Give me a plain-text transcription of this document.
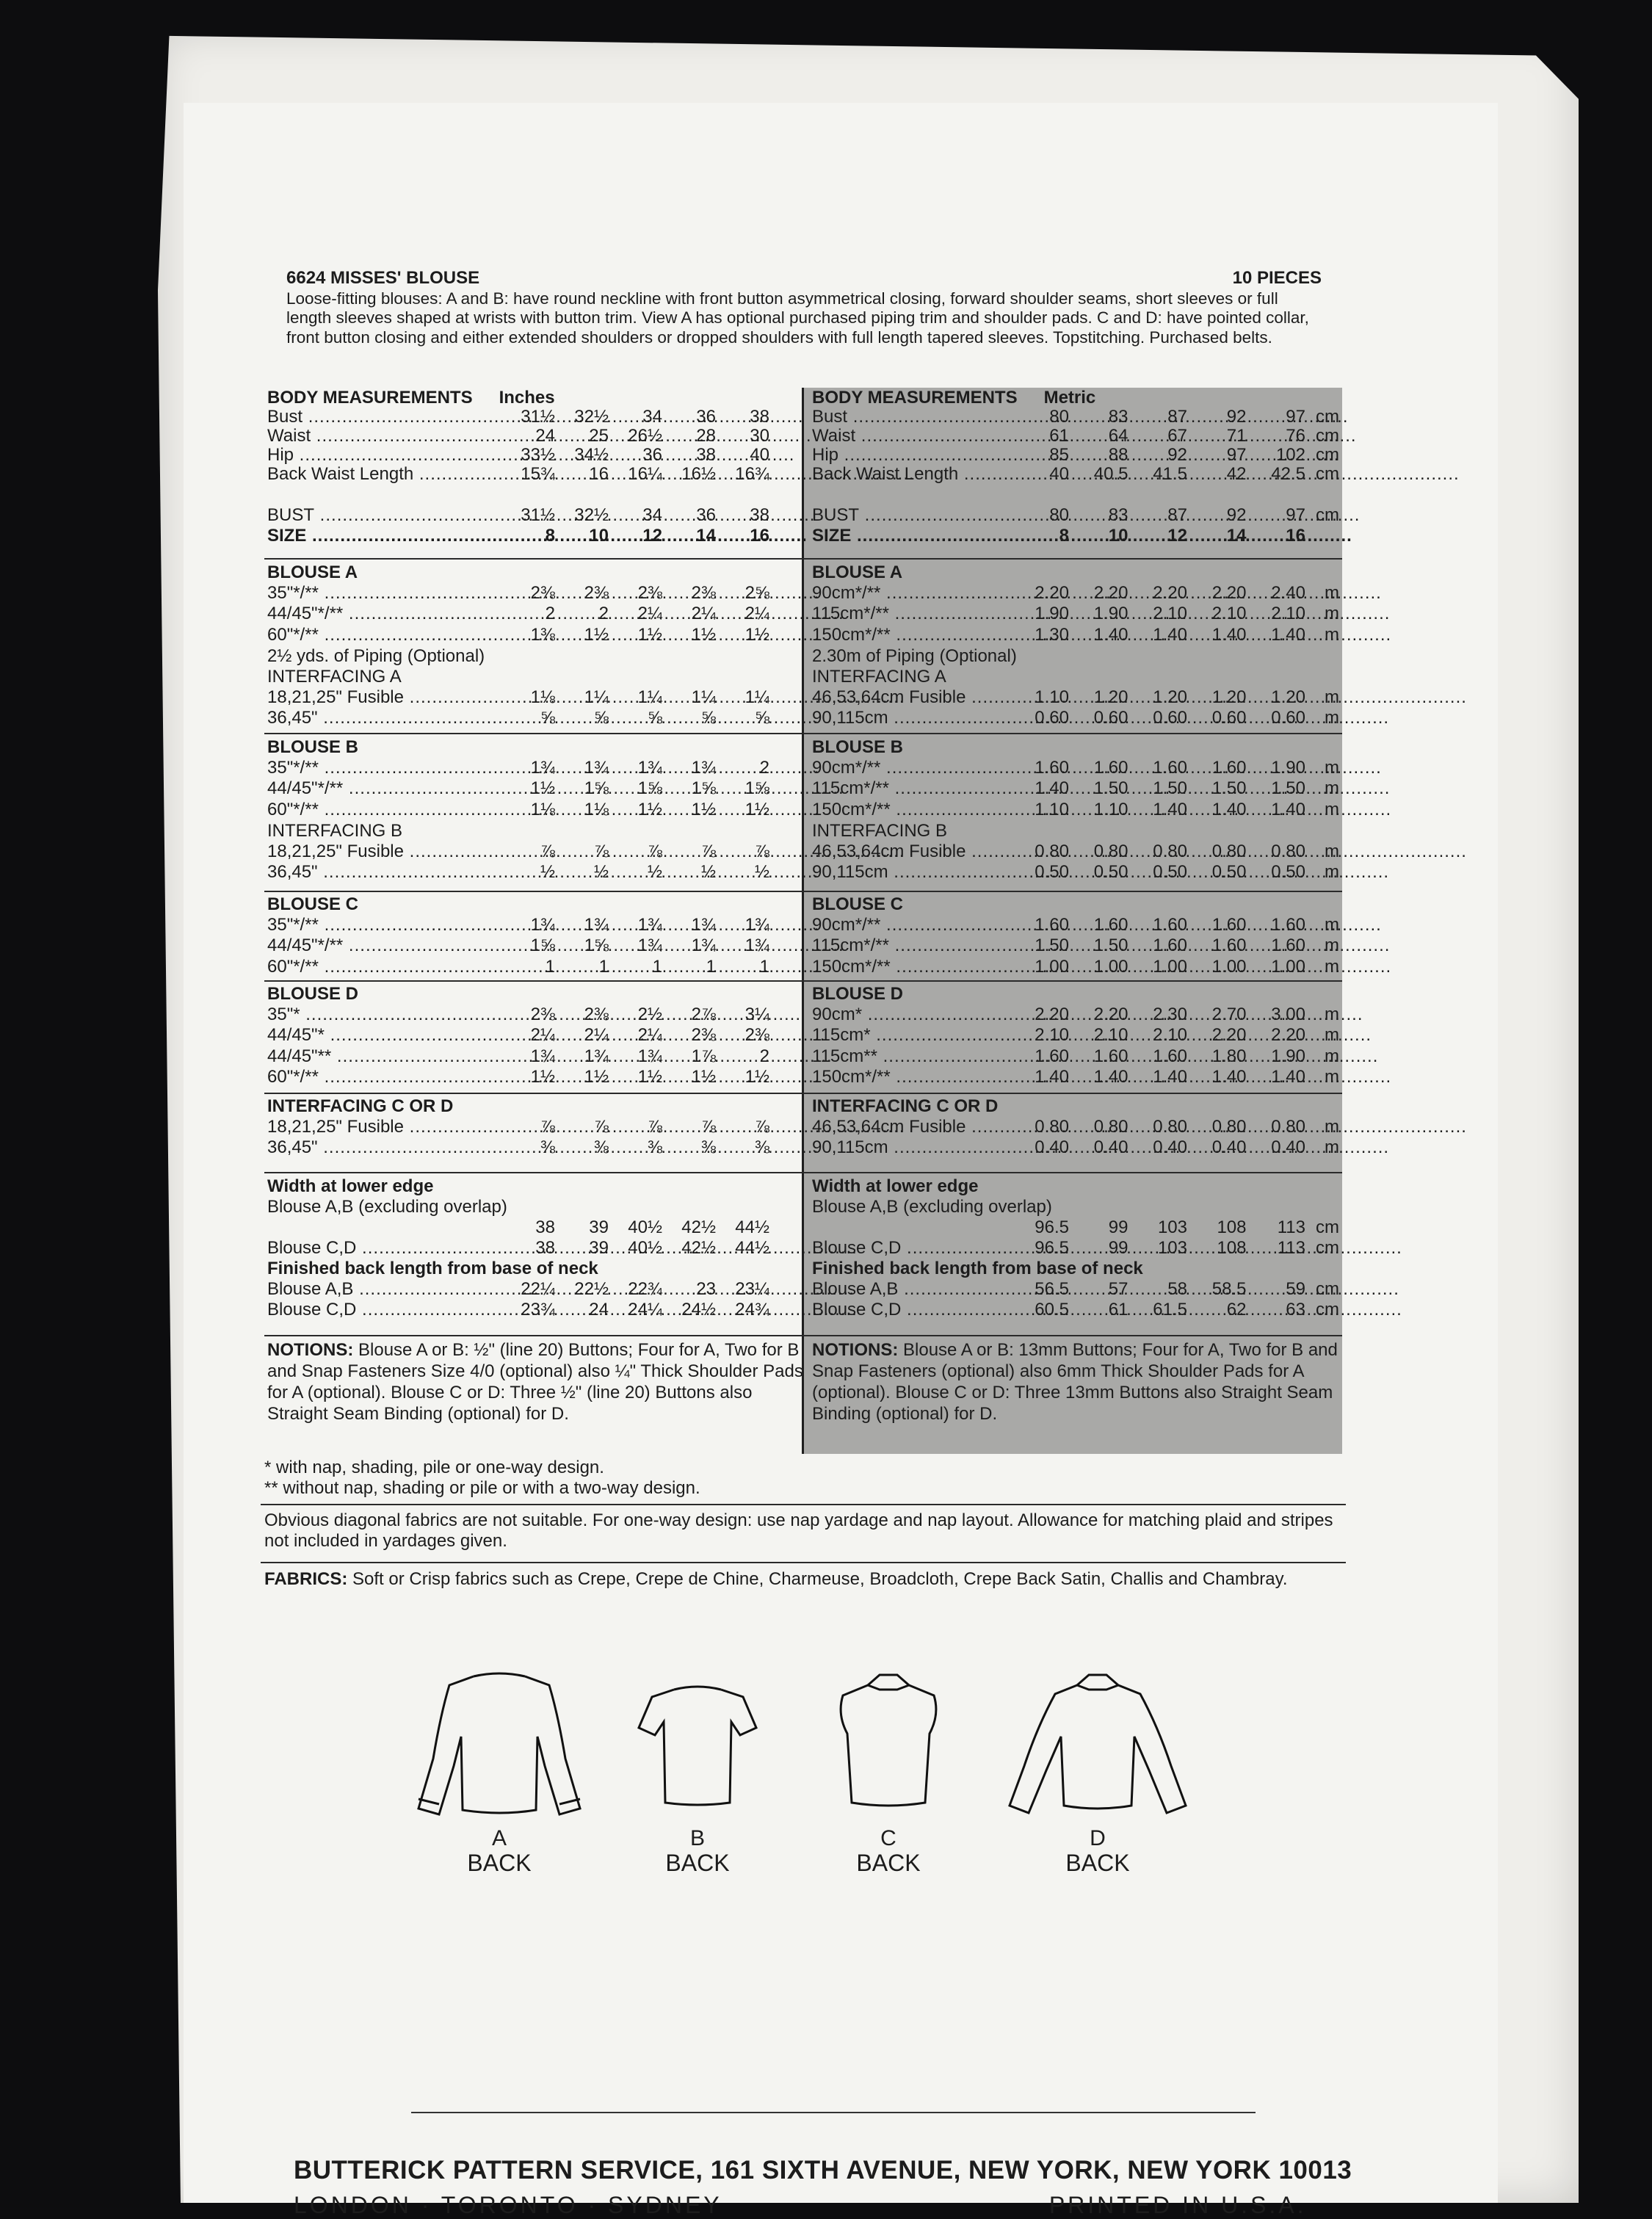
6624 MISSES' BLOUSE	10 PIECES
Loose-fitting blouses: A and B: have round neckline with front button asymmetrical closing, forward shoulder seams, short sleeves or full length sleeves shaped at wrists with button trim. View A has optional purchased piping trim and shoulder pads. C and D: have pointed collar, front button closing and either extended shoulders or dropped shoulders with full length tapered sleeves. Topstitching. Purchased belts.
BODY MEASUREMENTS Inches
Bust .....	31½	32½	34	36	38
Waist .....	24	25	26½	28	30
Hip .....	33½	34½	36	38	40
Back Waist Length .....	15¾	16	16¼	16½	16¾
BUST .....	31½	32½	34	36	38
SIZE .....	8	10	12	14	16
BLOUSE A
35"*/** .....	2⅜	2⅜	2⅜	2⅜	2⅝
44/45"*/** .....	2	2	2¼	2¼	2¼
60"*/** .....	1⅜	1½	1½	1½	1½
2½ yds. of Piping (Optional)
INTERFACING A
18,21,25" Fusible .....	1⅛	1¼	1¼	1¼	1¼
36,45" .....	⅝	⅝	⅝	⅝	⅝
BLOUSE B
35"*/** .....	1¾	1¾	1¾	1¾	2
44/45"*/** .....	1½	1⅝	1⅝	1⅝	1⅝
60"*/** .....	1⅛	1⅛	1½	1½	1½
INTERFACING B
18,21,25" Fusible .....	⅞	⅞	⅞	⅞	⅞
36,45" .....	½	½	½	½	½
BLOUSE C
35"*/** .....	1¾	1¾	1¾	1¾	1¾
44/45"*/** .....	1⅝	1⅝	1¾	1¾	1¾
60"*/** .....	1	1	1	1	1
BLOUSE D
35"* .....	2⅜	2⅜	2½	2⅞	3¼
44/45"* .....	2¼	2¼	2¼	2⅜	2⅜
44/45"** .....	1¾	1¾	1¾	1⅞	2
60"*/** .....	1½	1½	1½	1½	1½
INTERFACING C OR D
18,21,25" Fusible .....	⅞	⅞	⅞	⅞	⅞
36,45" .....	⅜	⅜	⅜	⅜	⅜
Width at lower edge
Blouse A,B (excluding overlap)
38	39	40½	42½	44½
Blouse C,D .....	38	39	40½	42½	44½
Finished back length from base of neck
Blouse A,B .....	22¼	22½	22¾	23	23¼
Blouse C,D .....	23¾	24	24¼	24½	24¾
NOTIONS: Blouse A or B: ½" (line 20) Buttons; Four for A, Two for B and Snap Fasteners Size 4/0 (optional) also ¼" Thick Shoulder Pads for A (optional). Blouse C or D: Three ½" (line 20) Buttons also Straight Seam Binding (optional) for D.
BODY MEASUREMENTS Metric
Bust .....	80	83	87	92	97 cm
Waist .....	61	64	67	71	76 cm
Hip .....	85	88	92	97	102 cm
Back Waist Length .....	40	40.5	41.5	42	42.5 cm
BUST .....	80	83	87	92	97 cm
SIZE .....	8	10	12	14	16
BLOUSE A
90cm*/** .....	2.20	2.20	2.20	2.20	2.40	m
115cm*/** .....	1.90	1.90	2.10	2.10	2.10	m
150cm*/** .....	1.30	1.40	1.40	1.40	1.40	m
2.30m of Piping (Optional)
INTERFACING A
46,53,64cm Fusible .....	1.10	1.20	1.20	1.20	1.20	m
90,115cm .....	0.60	0.60	0.60	0.60	0.60	m
BLOUSE B
90cm*/** .....	1.60	1.60	1.60	1.60	1.90	m
115cm*/** .....	1.40	1.50	1.50	1.50	1.50	m
150cm*/** .....	1.10	1.10	1.40	1.40	1.40	m
INTERFACING B
46,53,64cm Fusible .....	0.80	0.80	0.80	0.80	0.80	m
90,115cm .....	0.50	0.50	0.50	0.50	0.50	m
BLOUSE C
90cm*/** .....	1.60	1.60	1.60	1.60	1.60	m
115cm*/** .....	1.50	1.50	1.60	1.60	1.60	m
150cm*/** .....	1.00	1.00	1.00	1.00	1.00	m
BLOUSE D
90cm* .....	2.20	2.20	2.30	2.70	3.00	m
115cm* .....	2.10	2.10	2.10	2.20	2.20	m
115cm** .....	1.60	1.60	1.60	1.80	1.90	m
150cm*/** .....	1.40	1.40	1.40	1.40	1.40	m
INTERFACING C OR D
46,53,64cm Fusible .....	0.80	0.80	0.80	0.80	0.80	m
90,115cm .....	0.40	0.40	0.40	0.40	0.40	m
Width at lower edge
Blouse A,B (excluding overlap)
96.5	99	103	108	113 cm
Blouse C,D .....	96.5	99	103	108	113 cm
Finished back length from base of neck
Blouse A,B .....	56.5	57	58	58.5	59 cm
Blouse C,D .....	60.5	61	61.5	62	63 cm
NOTIONS: Blouse A or B: 13mm Buttons; Four for A, Two for B and Snap Fasteners (optional) also 6mm Thick Shoulder Pads for A (optional). Blouse C or D: Three 13mm Buttons also Straight Seam Binding (optional) for D.
* with nap, shading, pile or one-way design.
** without nap, shading or pile or with a two-way design.
Obvious diagonal fabrics are not suitable. For one-way design: use nap yardage and nap layout. Allowance for matching plaid and stripes not included in yardages given.
FABRICS: Soft or Crisp fabrics such as Crepe, Crepe de Chine, Charmeuse, Broadcloth, Crepe Back Satin, Challis and Chambray.
A
BACK
B
BACK
C
BACK
D
BACK
BUTTERICK PATTERN SERVICE, 161 SIXTH AVENUE, NEW YORK, NEW YORK 10013
LONDON · TORONTO · SYDNEY	PRINTED IN U.S.A.
